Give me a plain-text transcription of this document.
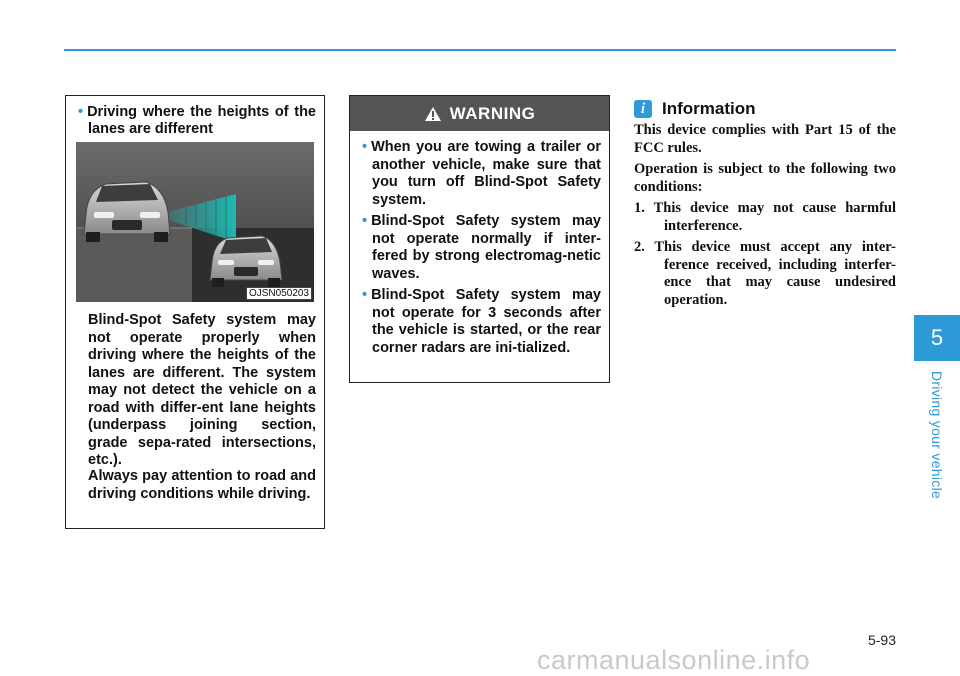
• Driving where the heights of the lanes are different
OJSN050203

Blind-Spot Safety system may not operate properly when driving where the heights of the lanes are different. The system may not detect the vehicle on a road with differ-ent lane heights (underpass joining section, grade sepa-rated intersections, etc.).

Always pay attention to road and driving conditions while driving.

WARNING
• When you are towing a trailer or another vehicle, make sure that you turn off Blind-Spot Safety system.
• Blind-Spot Safety system may not operate normally if inter-fered by strong electromag-netic waves.
• Blind-Spot Safety system may not operate for 3 seconds after the vehicle is started, or the rear corner radars are ini-tialized.
i Information

This device complies with Part 15 of the FCC rules.

Operation is subject to the following two conditions:

1. This device may not cause harmful interference.
2. This device must accept any inter-ference received, including interfer-ence that may cause undesired operation.
5
Driving your vehicle
5-93
carmanualsonline.info
